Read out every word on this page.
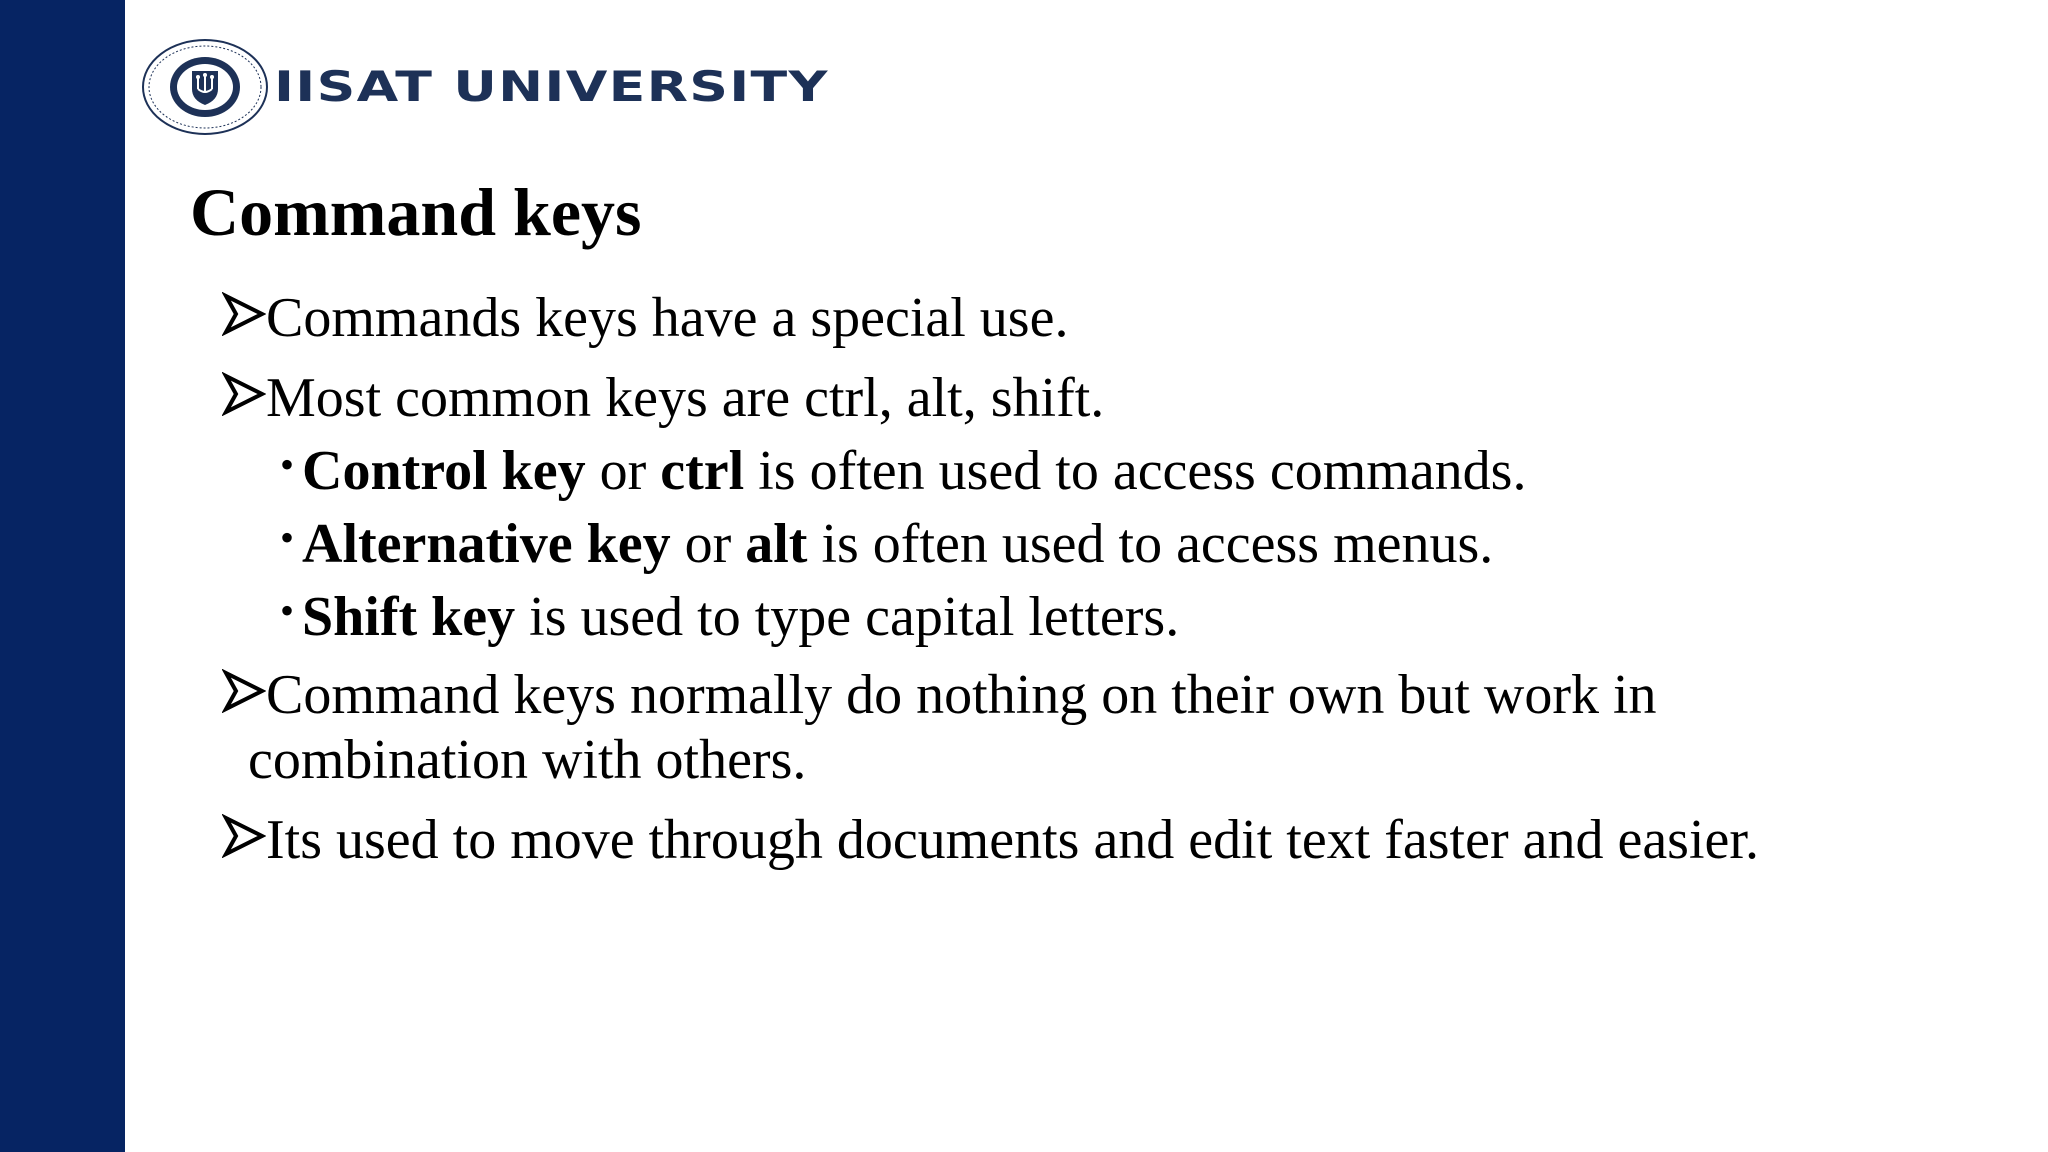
IISAT UNIVERSITY
Command keys
Commands keys have a special use.
Most common keys are ctrl, alt, shift.
• Control key or ctrl is often used to access commands.
• Alternative key or alt is often used to access menus.
• Shift key is used to type capital letters.
Command keys normally do nothing on their own but work in
combination with others.
Its used to move through documents and edit text faster and easier.
